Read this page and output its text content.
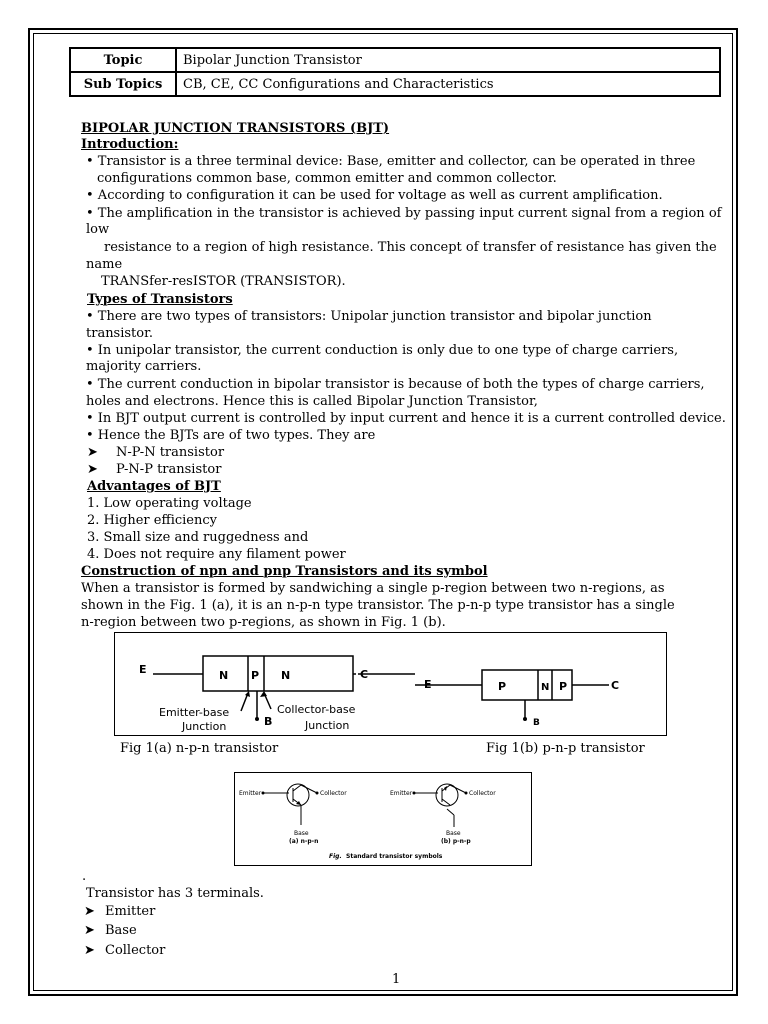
Topic	Bipolar Junction Transistor
Sub Topics	CB, CE, CC Configurations and Characteristics
BIPOLAR JUNCTION TRANSISTORS (BJT)
Introduction:
• Transistor is a three terminal device: Base, emitter and collector, can be operated in three
configurations common base, common emitter and common collector.
• According to configuration it can be used for voltage as well as current amplification.
• The amplification in the transistor is achieved by passing input current signal from a region of
low
resistance to a region of high resistance. This concept of transfer of resistance has given the
name
TRANSfer-resISTOR (TRANSISTOR).
Types of Transistors
• There are two types of transistors: Unipolar junction transistor and bipolar junction
transistor.
• In unipolar transistor, the current conduction is only due to one type of charge carriers,
majority carriers.
• The current conduction in bipolar transistor is because of both the types of charge carriers,
holes and electrons. Hence this is called Bipolar Junction Transistor,
• In BJT output current is controlled by input current and hence it is a current controlled device.
• Hence the BJTs are of two types. They are
➤ N-P-N transistor
➤ P-N-P transistor
Advantages of BJT
1. Low operating voltage
2. Higher efficiency
3. Small size and ruggedness and
4. Does not require any filament power
Construction of npn and pnp Transistors and its symbol
When a transistor is formed by sandwiching a single p-region between two n-regions, as
shown in the Fig. 1 (a), it is an n-p-n type transistor. The p-n-p type transistor has a single
n-region between two p-regions, as shown in Fig. 1 (b).
E	N P N	C
B
E	P	N P	C
B
Emitter-base
Junction
Collector-base
Junction
Fig 1(a) n-p-n transistor	Fig 1(b) p-n-p transistor
Emitter	Collector
Base
(a) n-p-n
Emitter	Collector
Base
(b) p-n-p
Fig. Standard transistor symbols
.
Transistor has 3 terminals.
➤ Emitter
➤ Base
➤ Collector
1
